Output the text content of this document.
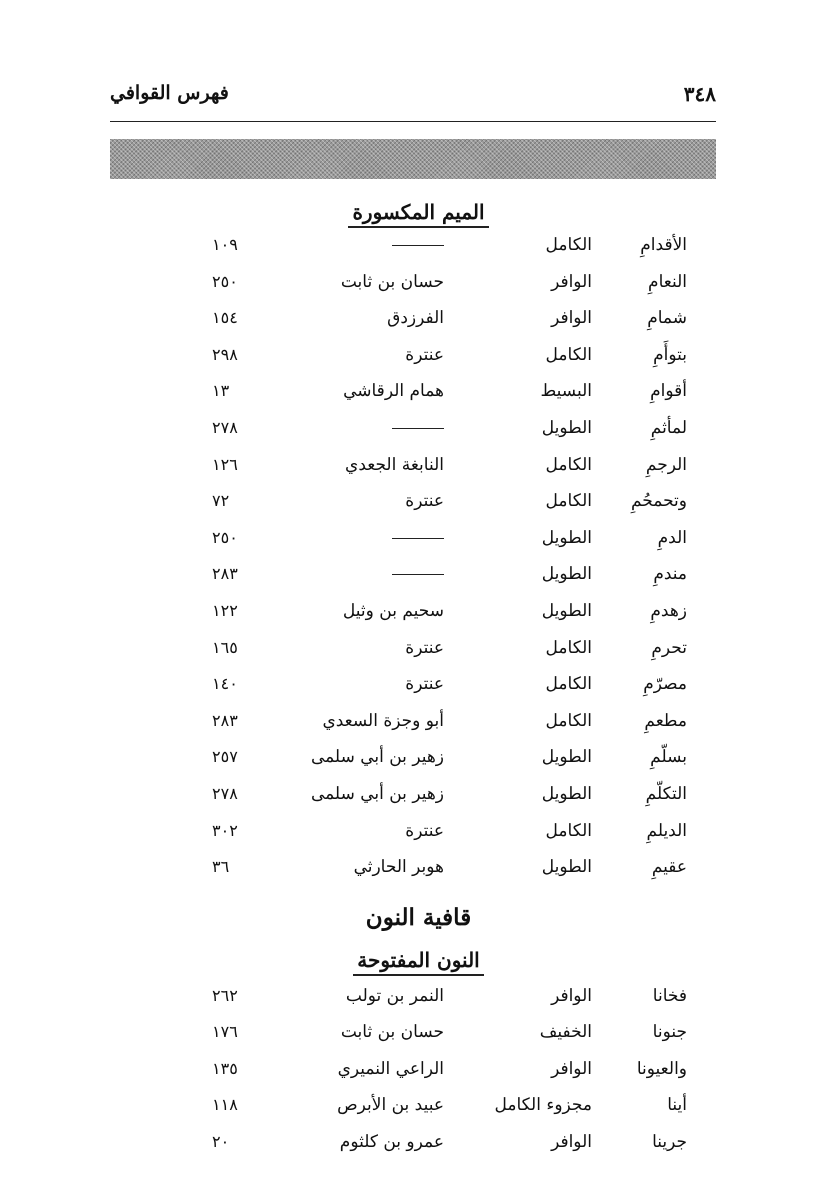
فهرس القوافي	٣٤٨
الميم المكسورة
الأقدامِ
الكامل
١٠٩
النعامِ
الوافر
حسان بن ثابت
٢٥٠
شمامِ
الوافر
الفرزدق
١٥٤
بتوأَمِ
الكامل
عنترة
٢٩٨
أقوامِ
البسيط
همام الرقاشي
١٣
لمأثمِ
الطويل
٢٧٨
الرجمِ
الكامل
النابغة الجعدي
١٢٦
وتحمحُمِ
الكامل
عنترة
٧٢
الدمِ
الطويل
٢٥٠
مندمِ
الطويل
٢٨٣
زهدمِ
الطويل
سحيم بن وثيل
١٢٢
تحرمِ
الكامل
عنترة
١٦٥
مصرّمِ
الكامل
عنترة
١٤٠
مطعمِ
الكامل
أبو وجزة السعدي
٢٨٣
بسلّمِ
الطويل
زهير بن أبي سلمى
٢٥٧
التكلّمِ
الطويل
زهير بن أبي سلمى
٢٧٨
الديلمِ
الكامل
عنترة
٣٠٢
عقيمِ
الطويل
هوبر الحارثي
٣٦
قافية النون
النون المفتوحة
فخانا
الوافر
النمر بن تولب
٢٦٢
جنونا
الخفيف
حسان بن ثابت
١٧٦
والعيونا
الوافر
الراعي النميري
١٣٥
أينا
مجزوء الكامل
عبيد بن الأبرص
١١٨
جرينا
الوافر
عمرو بن كلثوم
٢٠
